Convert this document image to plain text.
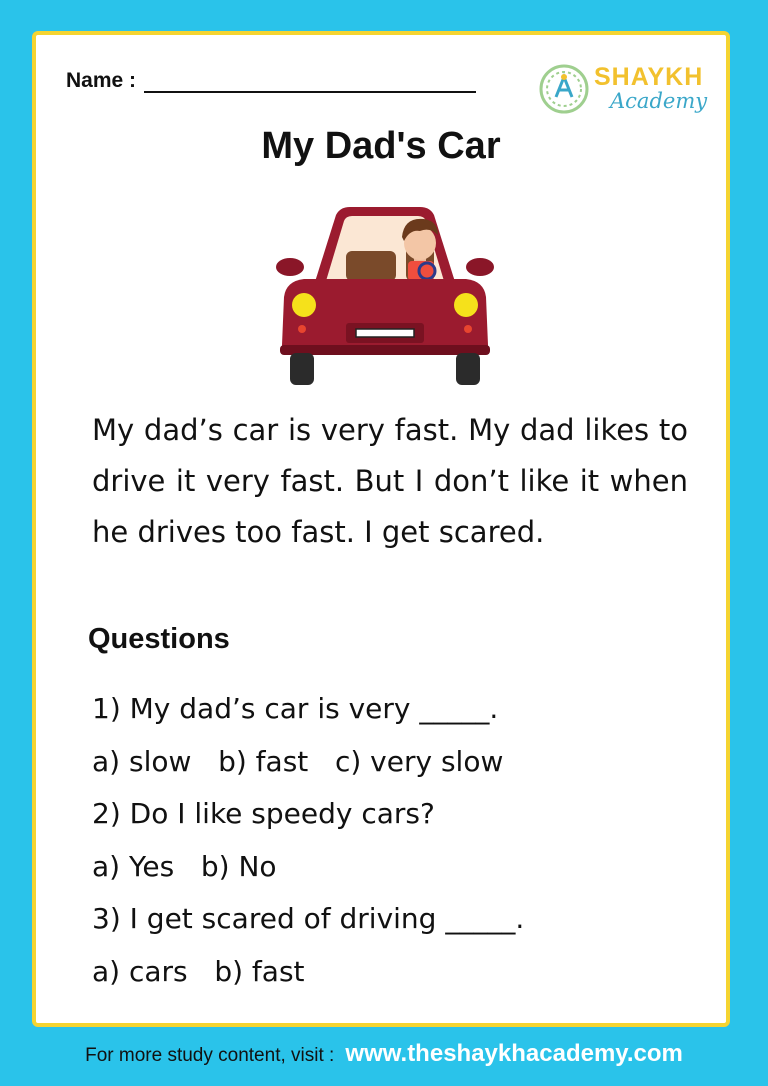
Name :	SHAYKH
Academy
My Dad's Car

My dad’s car is very fast. My dad likes to drive it very fast. But I don’t like it when he drives too fast. I get scared.

Questions
1) My dad’s car is very _____.
a) slow   b) fast   c) very slow
2) Do I like speedy cars?
a) Yes   b) No
3) I get scared of driving _____.
a) cars   b) fast
For more study content, visit : www.theshaykhacademy.com
